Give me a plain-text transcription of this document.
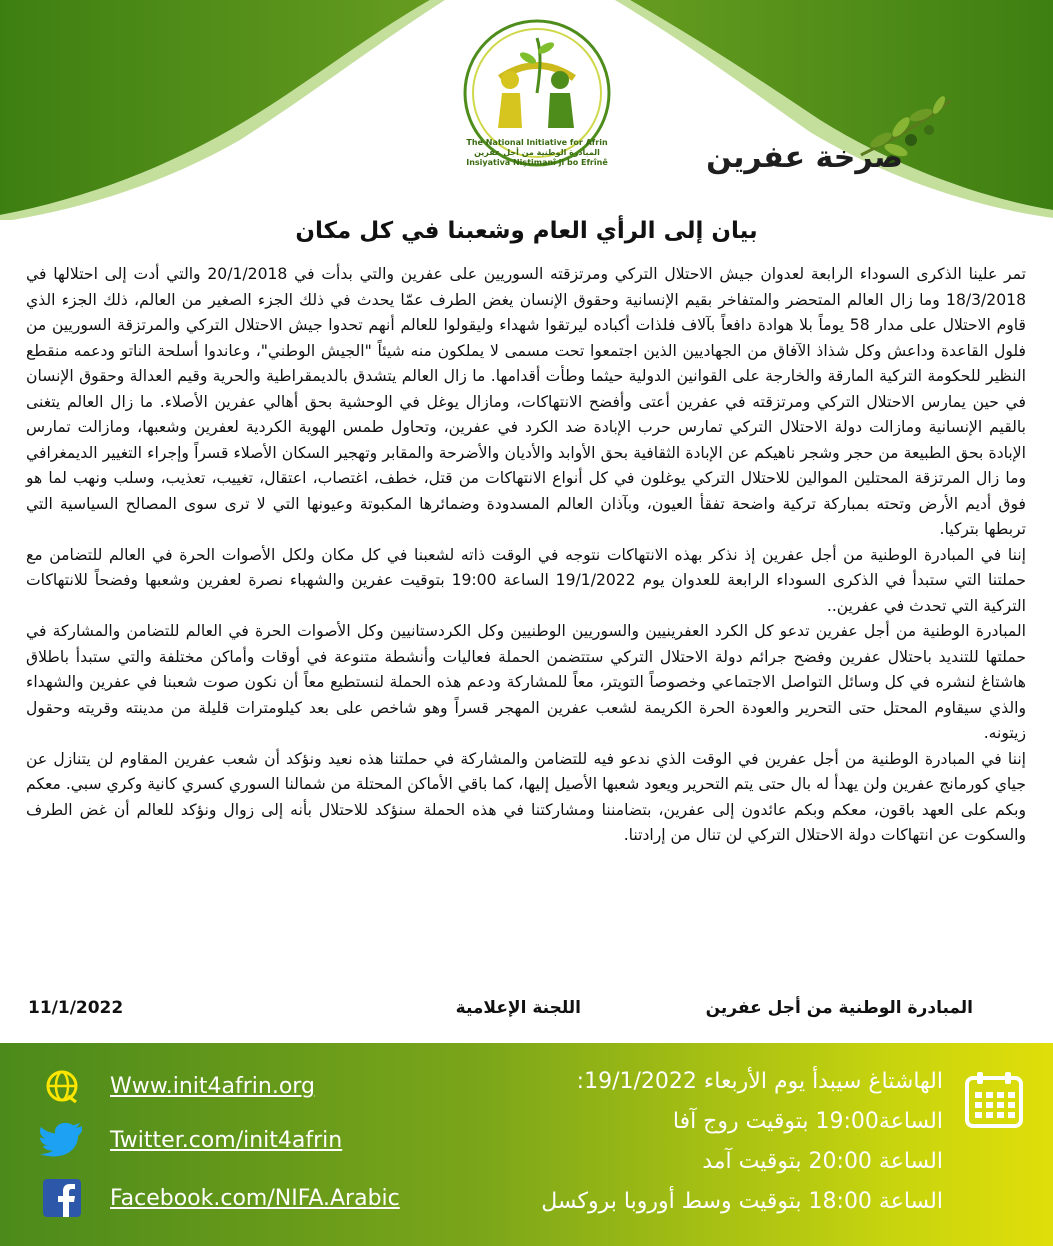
The National Initiative for Afrin
المبادرة الوطنية من أجل عفرين
Insiyativa Niştimanî ji bo Efrînê	صرخة عفرين
بيان إلى الرأي العام وشعبنا في كل مكان

تمر علينا الذكرى السوداء الرابعة لعدوان جيش الاحتلال التركي ومرتزقته السوريين على عفرين والتي بدأت في 20/1/2018 والتي أدت إلى احتلالها في 18/3/2018 وما زال العالم المتحضر والمتفاخر بقيم الإنسانية وحقوق الإنسان يغض الطرف عمّا يحدث في ذلك الجزء الصغير من العالم، ذلك الجزء الذي قاوم الاحتلال على مدار 58 يوماً بلا هوادة دافعاً بآلاف فلذات أكباده ليرتقوا شهداء وليقولوا للعالم أنهم تحدوا جيش الاحتلال التركي والمرتزقة السوريين من فلول القاعدة وداعش وكل شذاذ الآفاق من الجهاديين الذين اجتمعوا تحت مسمى لا يملكون منه شيئاً "الجيش الوطني"، وعاندوا أسلحة الناتو ودعمه منقطع النظير للحكومة التركية المارقة والخارجة على القوانين الدولية حيثما وطأت أقدامها. ما زال العالم يتشدق بالديمقراطية والحرية وقيم العدالة وحقوق الإنسان في حين يمارس الاحتلال التركي ومرتزقته في عفرين أعتى وأفضح الانتهاكات، ومازال يوغل في الوحشية بحق أهالي عفرين الأصلاء. ما زال العالم يتغنى بالقيم الإنسانية ومازالت دولة الاحتلال التركي تمارس حرب الإبادة ضد الكرد في عفرين، وتحاول طمس الهوية الكردية لعفرين وشعبها، ومازالت تمارس الإبادة بحق الطبيعة من حجر وشجر ناهيكم عن الإبادة الثقافية بحق الأوابد والأديان والأضرحة والمقابر وتهجير السكان الأصلاء قسراً وإجراء التغيير الديمغرافي وما زال المرتزقة المحتلين الموالين للاحتلال التركي يوغلون في كل أنواع الانتهاكات من قتل، خطف، اغتصاب، اعتقال، تغييب، تعذيب، وسلب ونهب لما هو فوق أديم الأرض وتحته بمباركة تركية واضحة تفقأ العيون، وبآذان العالم المسدودة وضمائرها المكبوتة وعيونها التي لا ترى سوى المصالح السياسية التي تربطها بتركيا.

إننا في المبادرة الوطنية من أجل عفرين إذ نذكر بهذه الانتهاكات نتوجه في الوقت ذاته لشعبنا في كل مكان ولكل الأصوات الحرة في العالم للتضامن مع حملتنا التي ستبدأ في الذكرى السوداء الرابعة للعدوان يوم 19/1/2022 الساعة 19:00 بتوقيت عفرين والشهباء نصرة لعفرين وشعبها وفضحاً للانتهاكات التركية التي تحدث في عفرين..

المبادرة الوطنية من أجل عفرين تدعو كل الكرد العفرينيين والسوريين الوطنيين وكل الكردستانيين وكل الأصوات الحرة في العالم للتضامن والمشاركة في حملتها للتنديد باحتلال عفرين وفضح جرائم دولة الاحتلال التركي ستتضمن الحملة فعاليات وأنشطة متنوعة في أوقات وأماكن مختلفة والتي ستبدأ باطلاق هاشتاغ لنشره في كل وسائل التواصل الاجتماعي وخصوصاً التويتر، معاً للمشاركة ودعم هذه الحملة لنستطيع معاً أن نكون صوت شعبنا في عفرين والشهداء والذي سيقاوم المحتل حتى التحرير والعودة الحرة الكريمة لشعب عفرين المهجر قسراً وهو شاخص على بعد كيلومترات قليلة من مدينته وقريته وحقول زيتونه.

إننا في المبادرة الوطنية من أجل عفرين في الوقت الذي ندعو فيه للتضامن والمشاركة في حملتنا هذه نعيد ونؤكد أن شعب عفرين المقاوم لن يتنازل عن جياي كورمانج عفرين ولن يهدأ له بال حتى يتم التحرير ويعود شعبها الأصيل إليها، كما باقي الأماكن المحتلة من شمالنا السوري كسري كانية وكري سبي. معكم وبكم على العهد باقون، معكم وبكم عائدون إلى عفرين، بتضامننا ومشاركتنا في هذه الحملة سنؤكد للاحتلال بأنه إلى زوال ونؤكد للعالم أن غض الطرف والسكوت عن انتهاكات دولة الاحتلال التركي لن تنال من إرادتنا.

المبادرة الوطنية من أجل عفرين
اللجنة الإعلامية
11/1/2022
Www.init4afrin.org
Twitter.com/init4afrin
Facebook.com/NIFA.Arabic
الهاشتاغ سيبدأ يوم الأربعاء 19/1/2022:
الساعة19:00 بتوقيت روج آفا
الساعة 20:00 بتوقيت آمد
الساعة 18:00 بتوقيت وسط أوروبا بروكسل
